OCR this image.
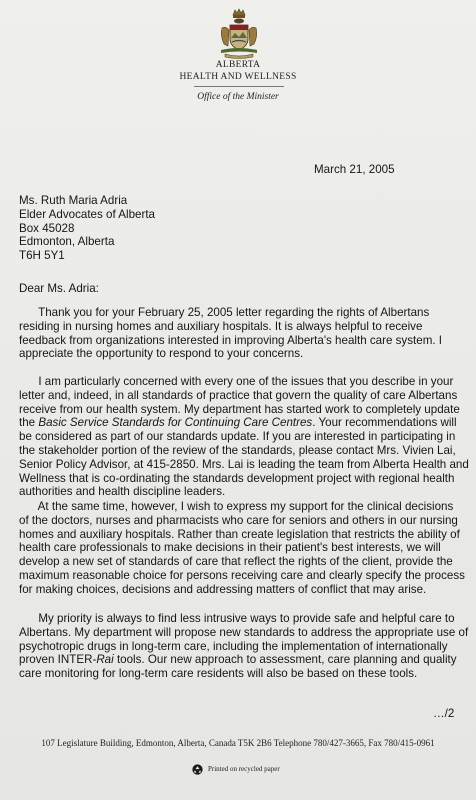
ALBERTA
HEALTH AND WELLNESS
Office of the Minister
March 21, 2005
Ms. Ruth Maria Adria
Elder Advocates of Alberta
Box 45028
Edmonton, Alberta
T6H 5Y1
Dear Ms. Adria:
Thank you for your February 25, 2005 letter regarding the rights of Albertans
residing in nursing homes and auxiliary hospitals. It is always helpful to receive
feedback from organizations interested in improving Alberta's health care system. I
appreciate the opportunity to respond to your concerns.
I am particularly concerned with every one of the issues that you describe in your
letter and, indeed, in all standards of practice that govern the quality of care Albertans
receive from our health system. My department has started work to completely update
the Basic Service Standards for Continuing Care Centres. Your recommendations will
be considered as part of our standards update. If you are interested in participating in
the stakeholder portion of the review of the standards, please contact Mrs. Vivien Lai,
Senior Policy Advisor, at 415-2850. Mrs. Lai is leading the team from Alberta Health and
Wellness that is co-ordinating the standards development project with regional health
authorities and health discipline leaders.
At the same time, however, I wish to express my support for the clinical decisions
of the doctors, nurses and pharmacists who care for seniors and others in our nursing
homes and auxiliary hospitals. Rather than create legislation that restricts the ability of
health care professionals to make decisions in their patient's best interests, we will
develop a new set of standards of care that reflect the rights of the client, provide the
maximum reasonable choice for persons receiving care and clearly specify the process
for making choices, decisions and addressing matters of conflict that may arise.
My priority is always to find less intrusive ways to provide safe and helpful care to
Albertans. My department will propose new standards to address the appropriate use of
psychotropic drugs in long-term care, including the implementation of internationally
proven INTER-Rai tools. Our new approach to assessment, care planning and quality
care monitoring for long-term care residents will also be based on these tools.
…/2
107 Legislature Building, Edmonton, Alberta, Canada T5K 2B6 Telephone 780/427-3665, Fax 780/415-0961
Printed on recycled paper
